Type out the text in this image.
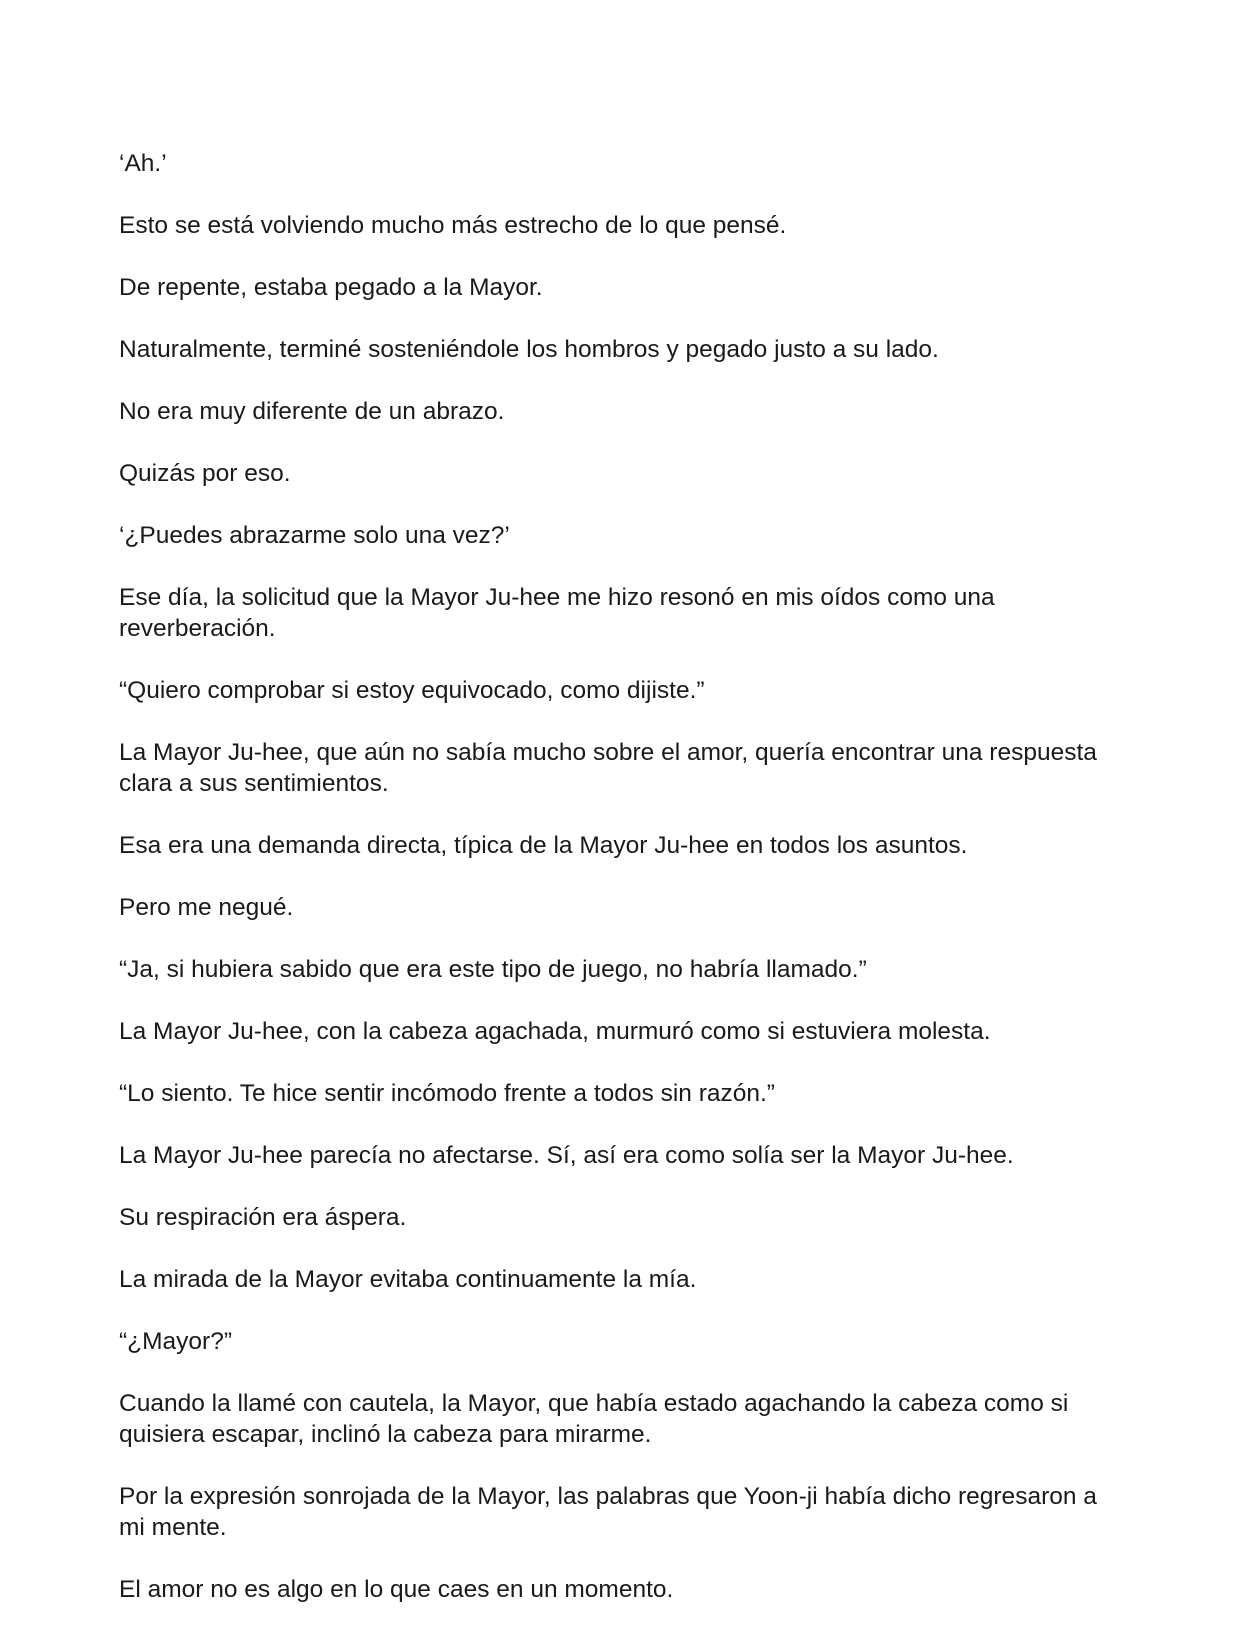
‘Ah.’

Esto se está volviendo mucho más estrecho de lo que pensé.

De repente, estaba pegado a la Mayor.

Naturalmente, terminé sosteniéndole los hombros y pegado justo a su lado.

No era muy diferente de un abrazo.

Quizás por eso.

‘¿Puedes abrazarme solo una vez?’

Ese día, la solicitud que la Mayor Ju-hee me hizo resonó en mis oídos como una reverberación.

“Quiero comprobar si estoy equivocado, como dijiste.”

La Mayor Ju-hee, que aún no sabía mucho sobre el amor, quería encontrar una respuesta clara a sus sentimientos.

Esa era una demanda directa, típica de la Mayor Ju-hee en todos los asuntos.

Pero me negué.

“Ja, si hubiera sabido que era este tipo de juego, no habría llamado.”

La Mayor Ju-hee, con la cabeza agachada, murmuró como si estuviera molesta.

“Lo siento. Te hice sentir incómodo frente a todos sin razón.”

La Mayor Ju-hee parecía no afectarse. Sí, así era como solía ser la Mayor Ju-hee.

Su respiración era áspera.

La mirada de la Mayor evitaba continuamente la mía.

“¿Mayor?”

Cuando la llamé con cautela, la Mayor, que había estado agachando la cabeza como si quisiera escapar, inclinó la cabeza para mirarme.

Por la expresión sonrojada de la Mayor, las palabras que Yoon-ji había dicho regresaron a mi mente.

El amor no es algo en lo que caes en un momento.
